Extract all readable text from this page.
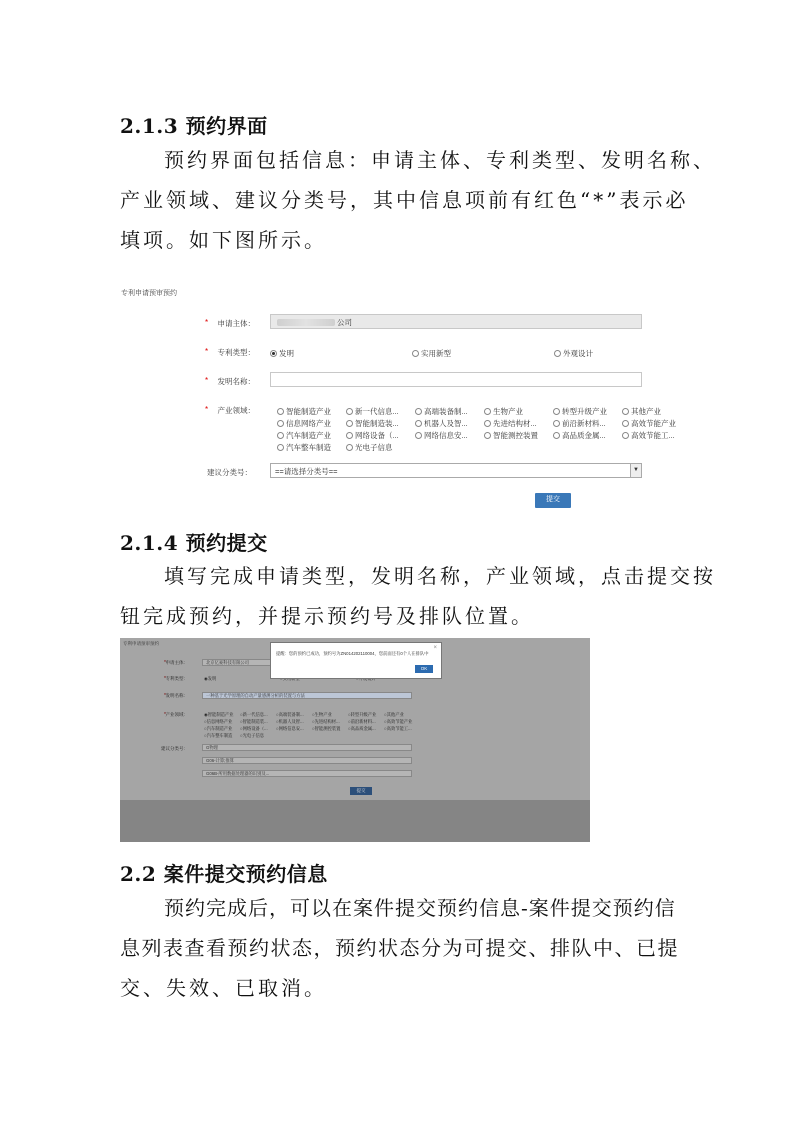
2.1.3 预约界面
预约界面包括信息：申请主体、专利类型、发明名称、
产业领域、建议分类号，其中信息项前有红色“*”表示必
填项。如下图所示。
专利申请预审预约
*	申请主体：	公司
*	专利类型：	发明	实用新型	外观设计
*	发明名称：
*	产业领域：	智能制造产业	新一代信息...	高端装备制...	生物产业	转型升级产业	其他产业
信息网络产业	智能制造装...	机器人及智...	先进结构材...	前沿新材料...	高效节能产业
汽车制造产业	网络设备（...	网络信息安...	智能测控装置	高品质金属...	高效节能工...
汽车整车制造	光电子信息
建议分类号：	==请选择分类号==	▼
提交
2.1.4 预约提交
填写完成申请类型，发明名称，产业领域，点击提交按
钮完成预约，并提示预约号及排队位置。
专利申请预审预约
* 申请主体：	北京亿豪科技有限公司
* 专利类型：	◉发明
* 发明名称：	一种基于光学原理的自动产量感测分析的装置与方法
* 产业领域：	◉智能制造产业 ○新一代信息... ○高端装备制... ○生物产业	○转型升级产业 ○其他产业
○信息网络产业 ○智能制造装... ○机器人及智... ○先进结构材... ○前沿新材料... ○高效节能产业
○汽车制造产业 ○网络设备（... ○网络信息安... ○智能测控装置 ○高品质金属... ○高效节能工...
○汽车整车制造 ○光电子信息
建议分类号：	G物理
G06-计算;推算
G06B-所用数据处理器的识别及...
提交
提醒：您的预约已成功，预约号为ZN014202110004，您前面还有0个人在排队中
×
OK
2.2 案件提交预约信息
预约完成后，可以在案件提交预约信息-案件提交预约信
息列表查看预约状态，预约状态分为可提交、排队中、已提
交、失效、已取消。
